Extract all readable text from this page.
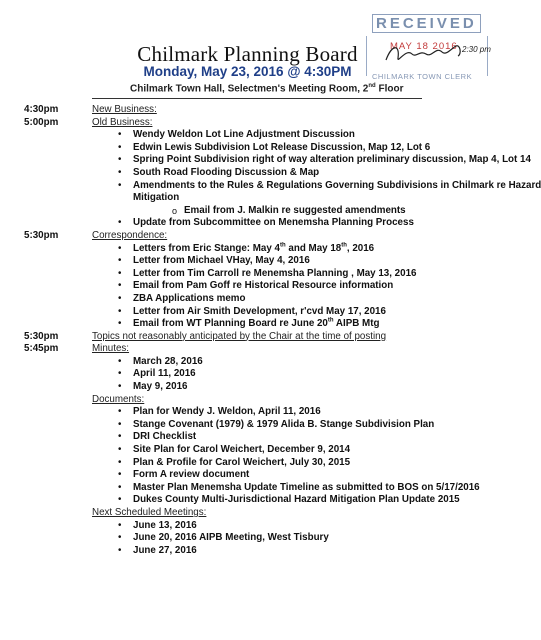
RECEIVED
MAY 18 2016
CHILMARK TOWN CLERK
2:30 pm
Chilmark Planning Board
Monday, May 23, 2016 @ 4:30PM
Chilmark Town Hall, Selectmen's Meeting Room, 2nd Floor
4:30pm	New Business:
5:00pm	Old Business:
• Wendy Weldon Lot Line Adjustment Discussion
• Edwin Lewis Subdivision Lot Release Discussion, Map 12, Lot 6
• Spring Point Subdivision right of way alteration preliminary discussion, Map 4, Lot 14
• South Road Flooding Discussion & Map
• Amendments to the Rules & Regulations Governing Subdivisions in Chilmark re Hazard
Mitigation
o Email from J. Malkin re suggested amendments
• Update from Subcommittee on Menemsha Planning Process
5:30pm	Correspondence:
• Letters from Eric Stange: May 4th and May 18th, 2016
• Letter from Michael VHay, May 4, 2016
• Letter from Tim Carroll re Menemsha Planning , May 13, 2016
• Email from Pam Goff re Historical Resource information
• ZBA Applications memo
• Letter from Air Smith Development, r'cvd May 17, 2016
• Email from WT Planning Board re June 20th AIPB Mtg
5:30pm	Topics not reasonably anticipated by the Chair at the time of posting
5:45pm	Minutes:
• March 28, 2016
• April 11, 2016
• May 9, 2016
Documents:
• Plan for Wendy J. Weldon, April 11, 2016
• Stange Covenant (1979) & 1979 Alida B. Stange Subdivision Plan
• DRI Checklist
• Site Plan for Carol Weichert, December 9, 2014
• Plan & Profile for Carol Weichert, July 30, 2015
• Form A review document
• Master Plan Menemsha Update Timeline as submitted to BOS on 5/17/2016
• Dukes County Multi-Jurisdictional Hazard Mitigation Plan Update 2015
Next Scheduled Meetings:
• June 13, 2016
• June 20, 2016 AIPB Meeting, West Tisbury
• June 27, 2016
